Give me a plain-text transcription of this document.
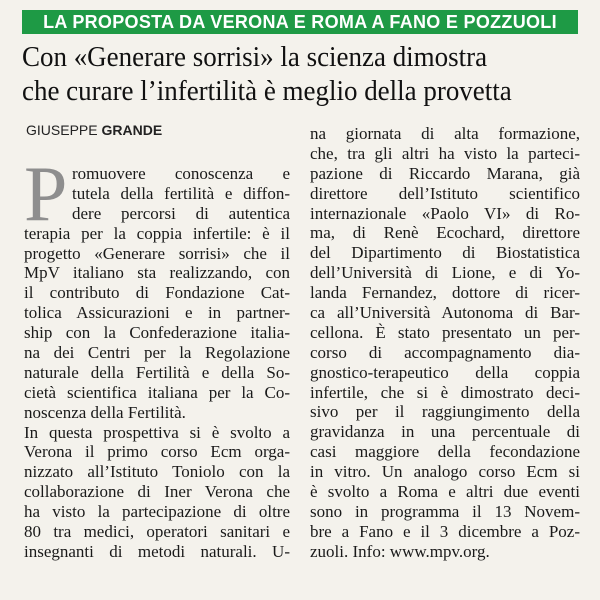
LA PROPOSTA DA VERONA E ROMA A FANO E POZZUOLI
Con «Generare sorrisi» la scienza dimostra
che curare l’infertilità è meglio della provetta
GIUSEPPE GRANDE
P romuovere conoscenza e
tutela della fertilità e diffon-
dere percorsi di autentica
terapia per la coppia infertile: è il
progetto «Generare sorrisi» che il
MpV italiano sta realizzando, con
il contributo di Fondazione Cat-
tolica Assicurazioni e in partner-
ship con la Confederazione italia-
na dei Centri per la Regolazione
naturale della Fertilità e della So-
cietà scientifica italiana per la Co-
noscenza della Fertilità.
In questa prospettiva si è svolto a
Verona il primo corso Ecm orga-
nizzato all’Istituto Toniolo con la
collaborazione di Iner Verona che
ha visto la partecipazione di oltre
80 tra medici, operatori sanitari e
insegnanti di metodi naturali. U-
na giornata di alta formazione,
che, tra gli altri ha visto la parteci-
pazione di Riccardo Marana, già
direttore dell’Istituto scientifico
internazionale «Paolo VI» di Ro-
ma, di Renè Ecochard, direttore
del Dipartimento di Biostatistica
dell’Università di Lione, e di Yo-
landa Fernandez, dottore di ricer-
ca all’Università Autonoma di Bar-
cellona. È stato presentato un per-
corso di accompagnamento dia-
gnostico-terapeutico della coppia
infertile, che si è dimostrato deci-
sivo per il raggiungimento della
gravidanza in una percentuale di
casi maggiore della fecondazione
in vitro. Un analogo corso Ecm si
è svolto a Roma e altri due eventi
sono in programma il 13 Novem-
bre a Fano e il 3 dicembre a Poz-
zuoli. Info: www.mpv.org.
